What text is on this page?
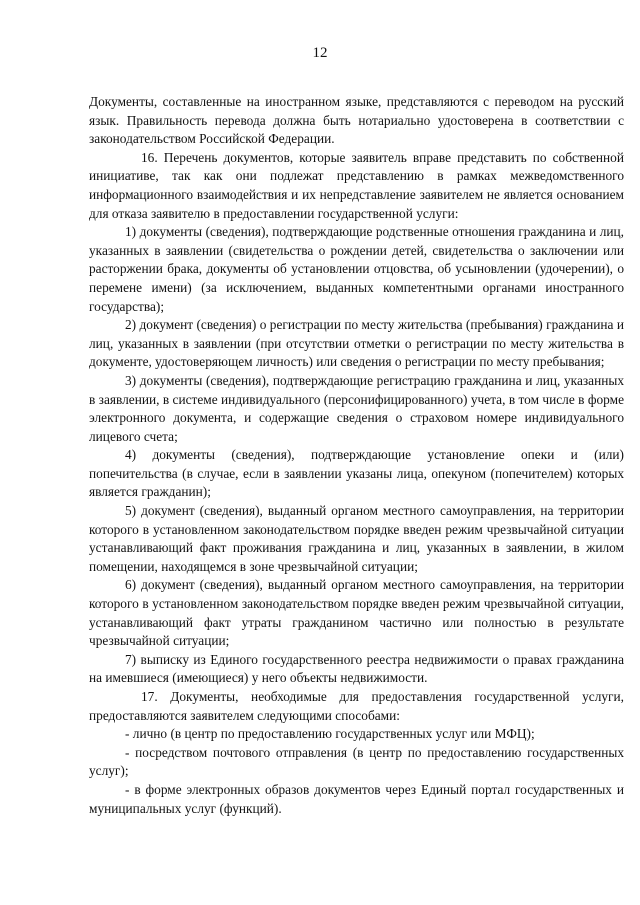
12

Документы, составленные на иностранном языке, представляются с переводом на русский язык. Правильность перевода должна быть нотариально удостоверена в соответствии с законодательством Российской Федерации.

16. Перечень документов, которые заявитель вправе представить по собственной инициативе, так как они подлежат представлению в рамках межведомственного информационного взаимодействия и их непредставление заявителем не является основанием для отказа заявителю в предоставлении государственной услуги:

1) документы (сведения), подтверждающие родственные отношения гражданина и лиц, указанных в заявлении (свидетельства о рождении детей, свидетельства о заключении или расторжении брака, документы об установлении отцовства, об усыновлении (удочерении), о перемене имени) (за исключением, выданных компетентными органами иностранного государства);

2) документ (сведения) о регистрации по месту жительства (пребывания) гражданина и лиц, указанных в заявлении (при отсутствии отметки о регистрации по месту жительства в документе, удостоверяющем личность) или сведения о регистрации по месту пребывания;

3) документы (сведения), подтверждающие регистрацию гражданина и лиц, указанных в заявлении, в системе индивидуального (персонифицированного) учета, в том числе в форме электронного документа, и содержащие сведения о страховом номере индивидуального лицевого счета;

4) документы (сведения), подтверждающие установление опеки и (или) попечительства (в случае, если в заявлении указаны лица, опекуном (попечителем) которых является гражданин);

5) документ (сведения), выданный органом местного самоуправления, на территории которого в установленном законодательством порядке введен режим чрезвычайной ситуации устанавливающий факт проживания гражданина и лиц, указанных в заявлении, в жилом помещении, находящемся в зоне чрезвычайной ситуации;

6) документ (сведения), выданный органом местного самоуправления, на территории которого в установленном законодательством порядке введен режим чрезвычайной ситуации, устанавливающий факт утраты гражданином частично или полностью в результате чрезвычайной ситуации;

7) выписку из Единого государственного реестра недвижимости о правах гражданина на имевшиеся (имеющиеся) у него объекты недвижимости.

17. Документы, необходимые для предоставления государственной услуги, предоставляются заявителем следующими способами:

- лично (в центр по предоставлению государственных услуг или МФЦ);

- посредством почтового отправления (в центр по предоставлению государственных услуг);

- в форме электронных образов документов через Единый портал государственных и муниципальных услуг (функций).
